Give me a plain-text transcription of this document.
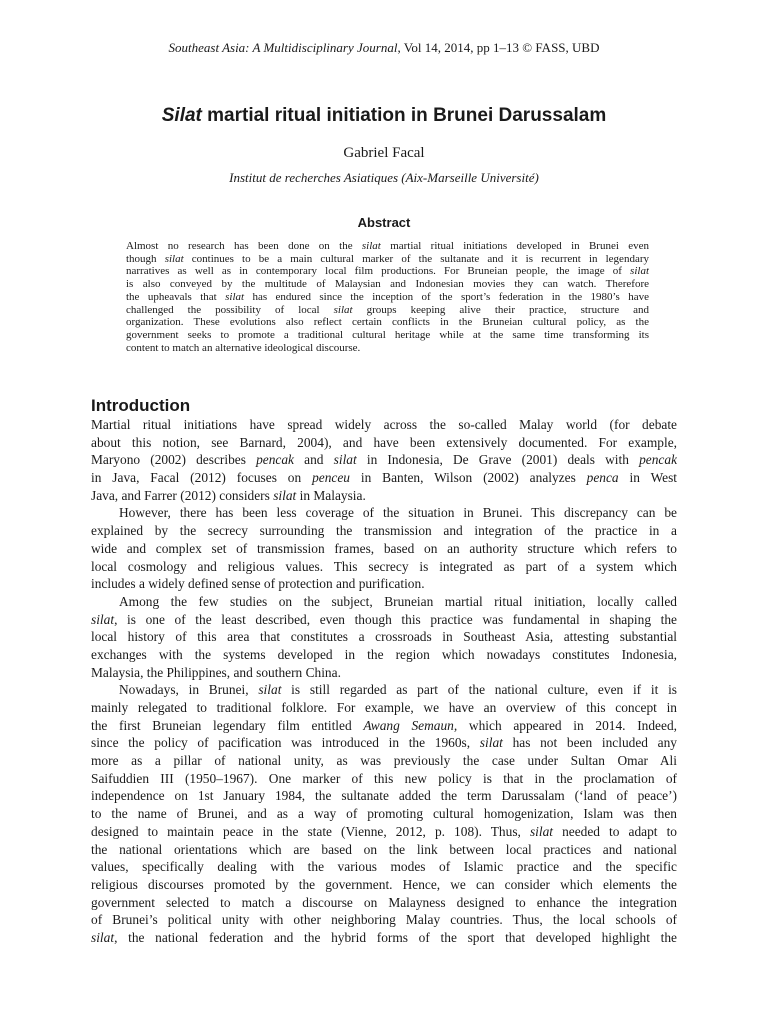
Southeast Asia: A Multidisciplinary Journal, Vol 14, 2014, pp 1–13 © FASS, UBD
Silat martial ritual initiation in Brunei Darussalam
Gabriel Facal
Institut de recherches Asiatiques (Aix-Marseille Université)
Abstract
Almost no research has been done on the silat martial ritual initiations developed in Brunei even
though silat continues to be a main cultural marker of the sultanate and it is recurrent in legendary
narratives as well as in contemporary local film productions. For Bruneian people, the image of silat
is also conveyed by the multitude of Malaysian and Indonesian movies they can watch. Therefore
the upheavals that silat has endured since the inception of the sport’s federation in the 1980’s have
challenged the possibility of local silat groups keeping alive their practice, structure and
organization. These evolutions also reflect certain conflicts in the Bruneian cultural policy, as the
government seeks to promote a traditional cultural heritage while at the same time transforming its
content to match an alternative ideological discourse.
Introduction
Martial ritual initiations have spread widely across the so-called Malay world (for debate
about this notion, see Barnard, 2004), and have been extensively documented. For example,
Maryono (2002) describes pencak and silat in Indonesia, De Grave (2001) deals with pencak
in Java, Facal (2012) focuses on penceu in Banten, Wilson (2002) analyzes penca in West
Java, and Farrer (2012) considers silat in Malaysia.
However, there has been less coverage of the situation in Brunei. This discrepancy can be
explained by the secrecy surrounding the transmission and integration of the practice in a
wide and complex set of transmission frames, based on an authority structure which refers to
local cosmology and religious values. This secrecy is integrated as part of a system which
includes a widely defined sense of protection and purification.
Among the few studies on the subject, Bruneian martial ritual initiation, locally called
silat, is one of the least described, even though this practice was fundamental in shaping the
local history of this area that constitutes a crossroads in Southeast Asia, attesting substantial
exchanges with the systems developed in the region which nowadays constitutes Indonesia,
Malaysia, the Philippines, and southern China.
Nowadays, in Brunei, silat is still regarded as part of the national culture, even if it is
mainly relegated to traditional folklore. For example, we have an overview of this concept in
the first Bruneian legendary film entitled Awang Semaun, which appeared in 2014. Indeed,
since the policy of pacification was introduced in the 1960s, silat has not been included any
more as a pillar of national unity, as was previously the case under Sultan Omar Ali
Saifuddien III (1950–1967). One marker of this new policy is that in the proclamation of
independence on 1st January 1984, the sultanate added the term Darussalam (‘land of peace’)
to the name of Brunei, and as a way of promoting cultural homogenization, Islam was then
designed to maintain peace in the state (Vienne, 2012, p. 108). Thus, silat needed to adapt to
the national orientations which are based on the link between local practices and national
values, specifically dealing with the various modes of Islamic practice and the specific
religious discourses promoted by the government. Hence, we can consider which elements the
government selected to match a discourse on Malayness designed to enhance the integration
of Brunei’s political unity with other neighboring Malay countries. Thus, the local schools of
silat, the national federation and the hybrid forms of the sport that developed highlight the
